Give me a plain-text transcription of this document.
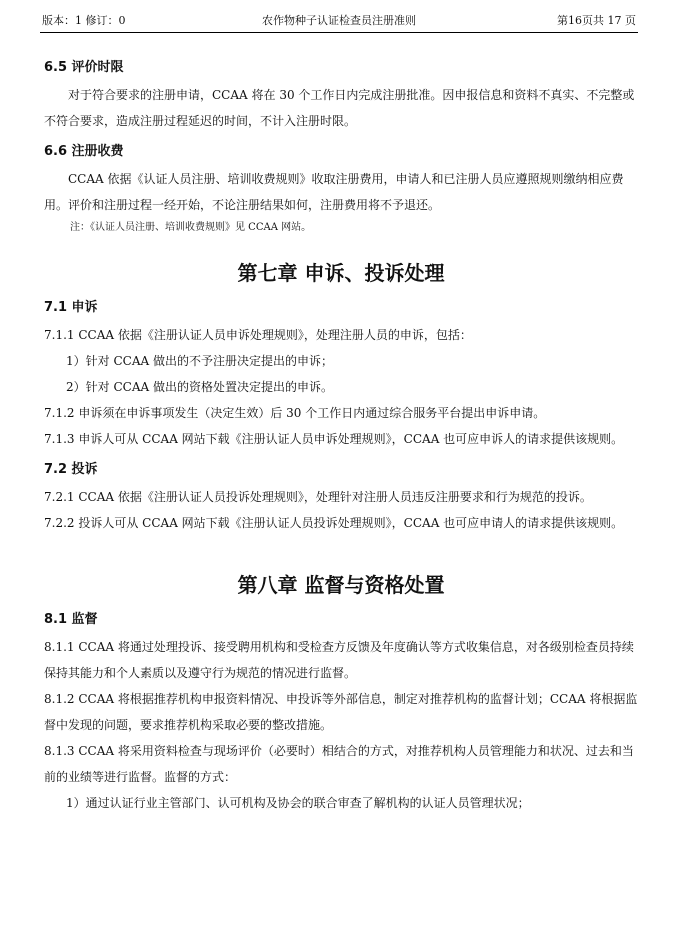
版本：1 修订：0	农作物种子认证检查员注册准则	第16页共 17 页
6.5 评价时限

对于符合要求的注册申请，CCAA 将在 30 个工作日内完成注册批准。因申报信息和资料不真实、不完整或不符合要求，造成注册过程延迟的时间，不计入注册时限。

6.6 注册收费

CCAA 依据《认证人员注册、培训收费规则》收取注册费用，申请人和已注册人员应遵照规则缴纳相应费用。评价和注册过程一经开始，不论注册结果如何，注册费用将不予退还。

注：《认证人员注册、培训收费规则》见 CCAA 网站。

第七章 申诉、投诉处理
7.1 申诉

7.1.1 CCAA 依据《注册认证人员申诉处理规则》，处理注册人员的申诉，包括：

1）针对 CCAA 做出的不予注册决定提出的申诉；

2）针对 CCAA 做出的资格处置决定提出的申诉。

7.1.2 申诉须在申诉事项发生（决定生效）后 30 个工作日内通过综合服务平台提出申诉申请。

7.1.3 申诉人可从 CCAA 网站下载《注册认证人员申诉处理规则》，CCAA 也可应申诉人的请求提供该规则。

7.2 投诉

7.2.1 CCAA 依据《注册认证人员投诉处理规则》，处理针对注册人员违反注册要求和行为规范的投诉。

7.2.2 投诉人可从 CCAA 网站下载《注册认证人员投诉处理规则》，CCAA 也可应申请人的请求提供该规则。

第八章 监督与资格处置
8.1 监督

8.1.1 CCAA 将通过处理投诉、接受聘用机构和受检查方反馈及年度确认等方式收集信息，对各级别检查员持续保持其能力和个人素质以及遵守行为规范的情况进行监督。

8.1.2 CCAA 将根据推荐机构申报资料情况、申投诉等外部信息，制定对推荐机构的监督计划；CCAA 将根据监督中发现的问题，要求推荐机构采取必要的整改措施。

8.1.3 CCAA 将采用资料检查与现场评价（必要时）相结合的方式，对推荐机构人员管理能力和状况、过去和当前的业绩等进行监督。监督的方式：

1）通过认证行业主管部门、认可机构及协会的联合审查了解机构的认证人员管理状况；
